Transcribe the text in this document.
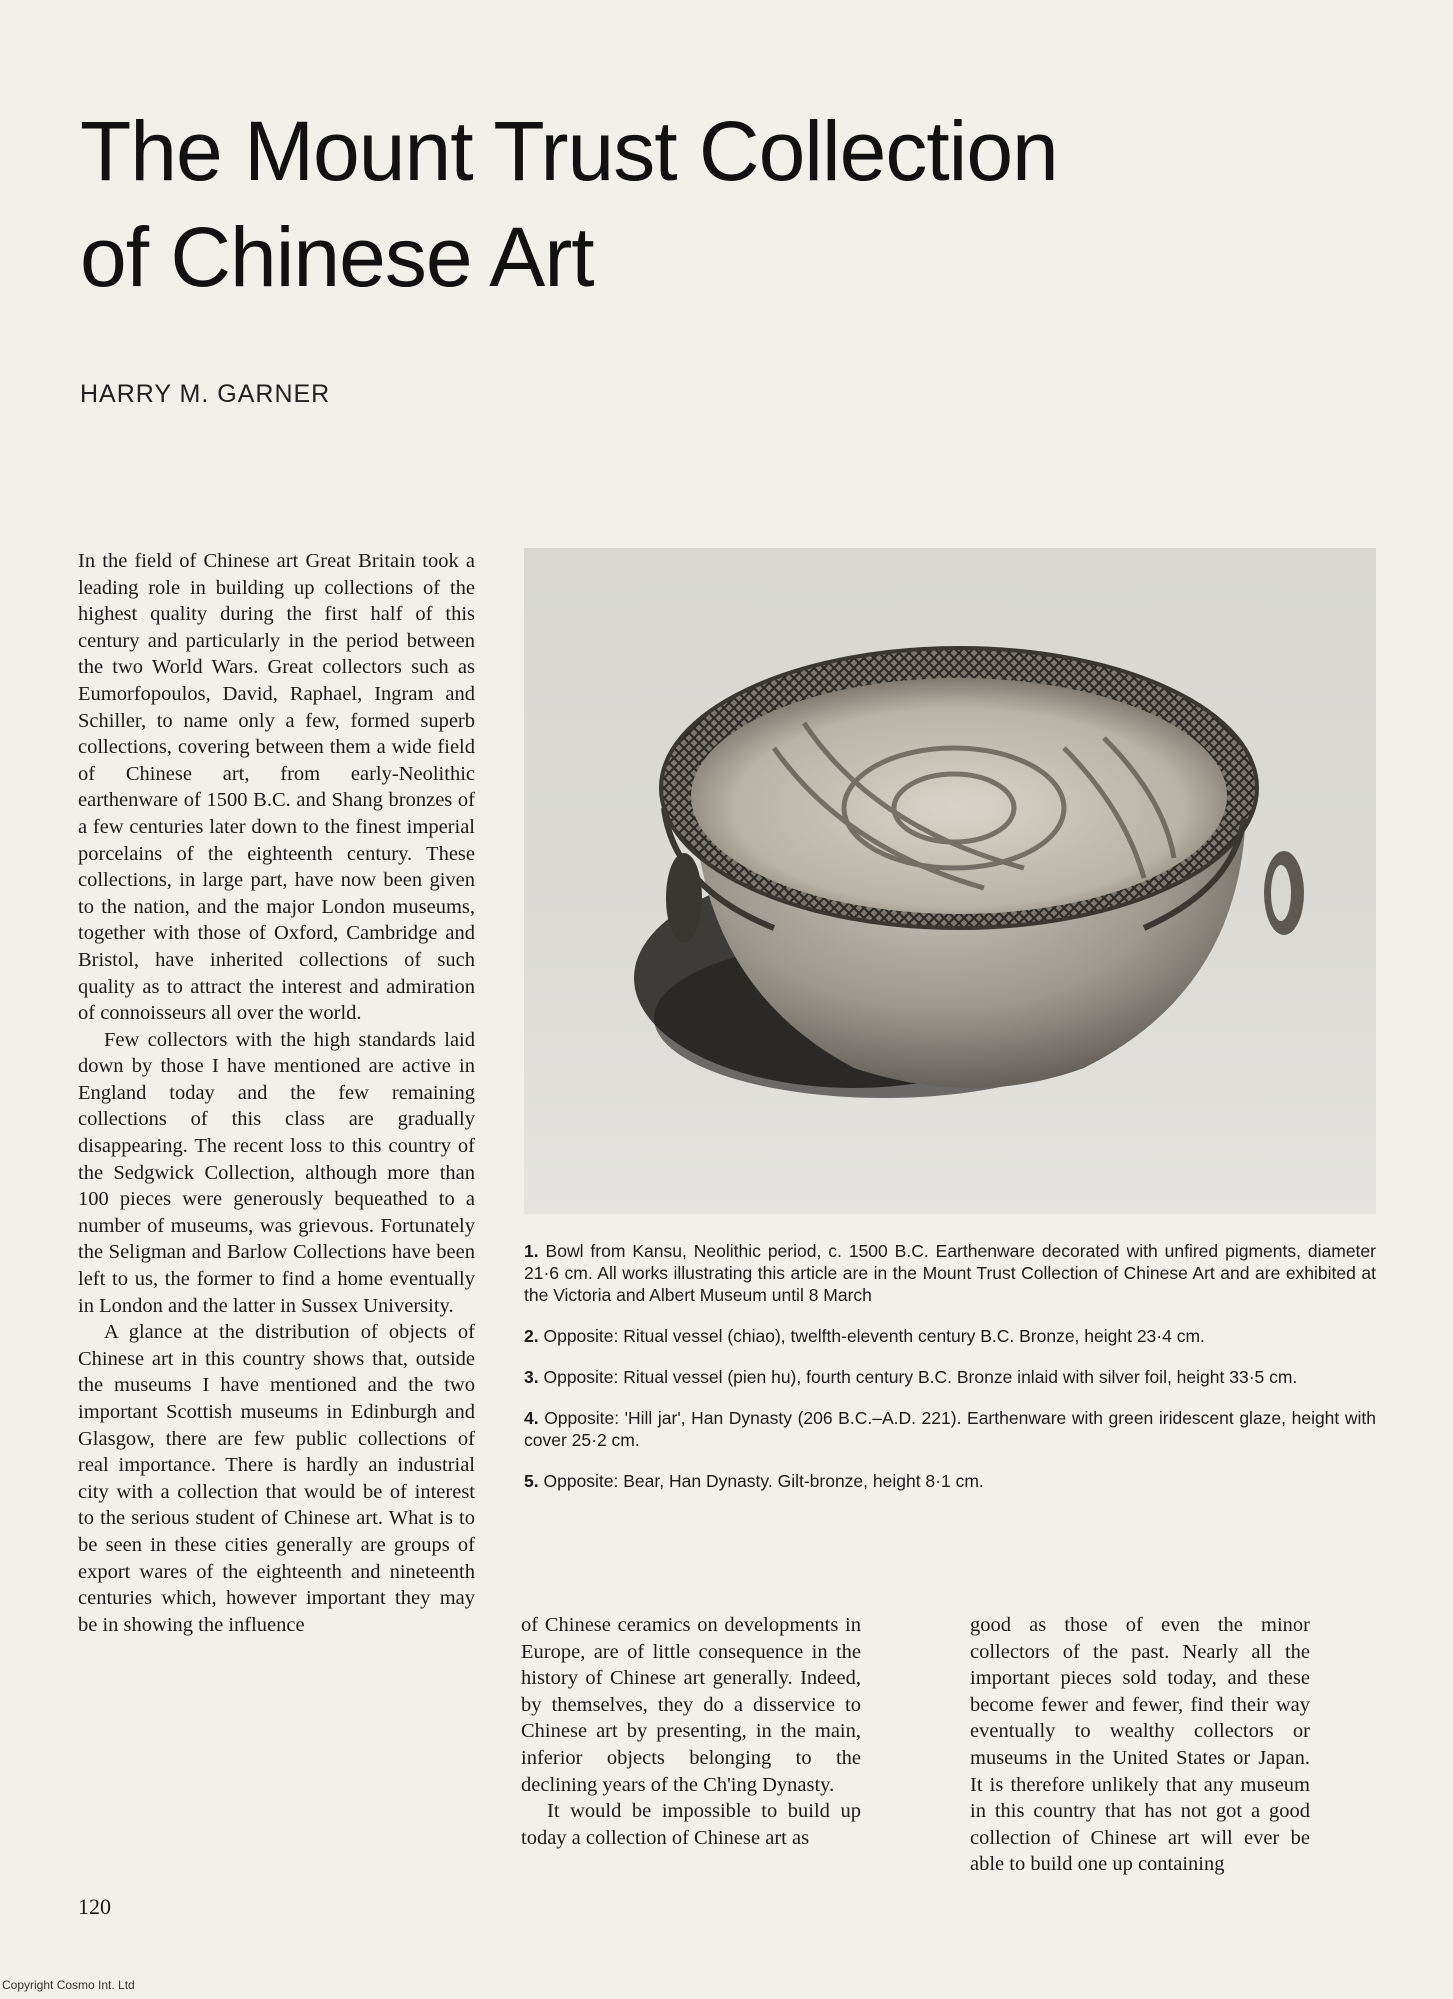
The Mount Trust Collection
of Chinese Art
HARRY M. GARNER

In the field of Chinese art Great Britain took a leading role in building up collections of the highest quality during the first half of this century and particularly in the period between the two World Wars. Great collectors such as Eumorfopoulos, David, Raphael, Ingram and Schiller, to name only a few, formed superb collections, covering between them a wide field of Chinese art, from early-Neolithic earthenware of 1500 B.C. and Shang bronzes of a few centuries later down to the finest imperial porcelains of the eighteenth century. These collections, in large part, have now been given to the nation, and the major London museums, together with those of Oxford, Cambridge and Bristol, have inherited collections of such quality as to attract the interest and admiration of connoisseurs all over the world.

Few collectors with the high standards laid down by those I have mentioned are active in England today and the few remaining collections of this class are gradually disappearing. The recent loss to this country of the Sedgwick Collection, although more than 100 pieces were generously bequeathed to a number of museums, was grievous. Fortunately the Seligman and Barlow Collections have been left to us, the former to find a home eventually in London and the latter in Sussex University.

A glance at the distribution of objects of Chinese art in this country shows that, outside the museums I have mentioned and the two important Scottish museums in Edinburgh and Glasgow, there are few public collections of real importance. There is hardly an industrial city with a collection that would be of interest to the serious student of Chinese art. What is to be seen in these cities generally are groups of export wares of the eighteenth and nineteenth centuries which, however important they may be in showing the influence

1. Bowl from Kansu, Neolithic period, c. 1500 B.C. Earthenware decorated with unfired pigments, diameter 21·6 cm. All works illustrating this article are in the Mount Trust Collection of Chinese Art and are exhibited at the Victoria and Albert Museum until 8 March

2. Opposite: Ritual vessel (chiao), twelfth-eleventh century B.C. Bronze, height 23·4 cm.

3. Opposite: Ritual vessel (pien hu), fourth century B.C. Bronze inlaid with silver foil, height 33·5 cm.

4. Opposite: 'Hill jar', Han Dynasty (206 B.C.–A.D. 221). Earthenware with green iridescent glaze, height with cover 25·2 cm.

5. Opposite: Bear, Han Dynasty. Gilt-bronze, height 8·1 cm.

of Chinese ceramics on developments in Europe, are of little consequence in the history of Chinese art generally. Indeed, by themselves, they do a disservice to Chinese art by presenting, in the main, inferior objects belonging to the declining years of the Ch'ing Dynasty.

It would be impossible to build up today a collection of Chinese art as

good as those of even the minor collectors of the past. Nearly all the important pieces sold today, and these become fewer and fewer, find their way eventually to wealthy collectors or museums in the United States or Japan. It is therefore unlikely that any museum in this country that has not got a good collection of Chinese art will ever be able to build one up containing

120
Copyright Cosmo Int. Ltd
